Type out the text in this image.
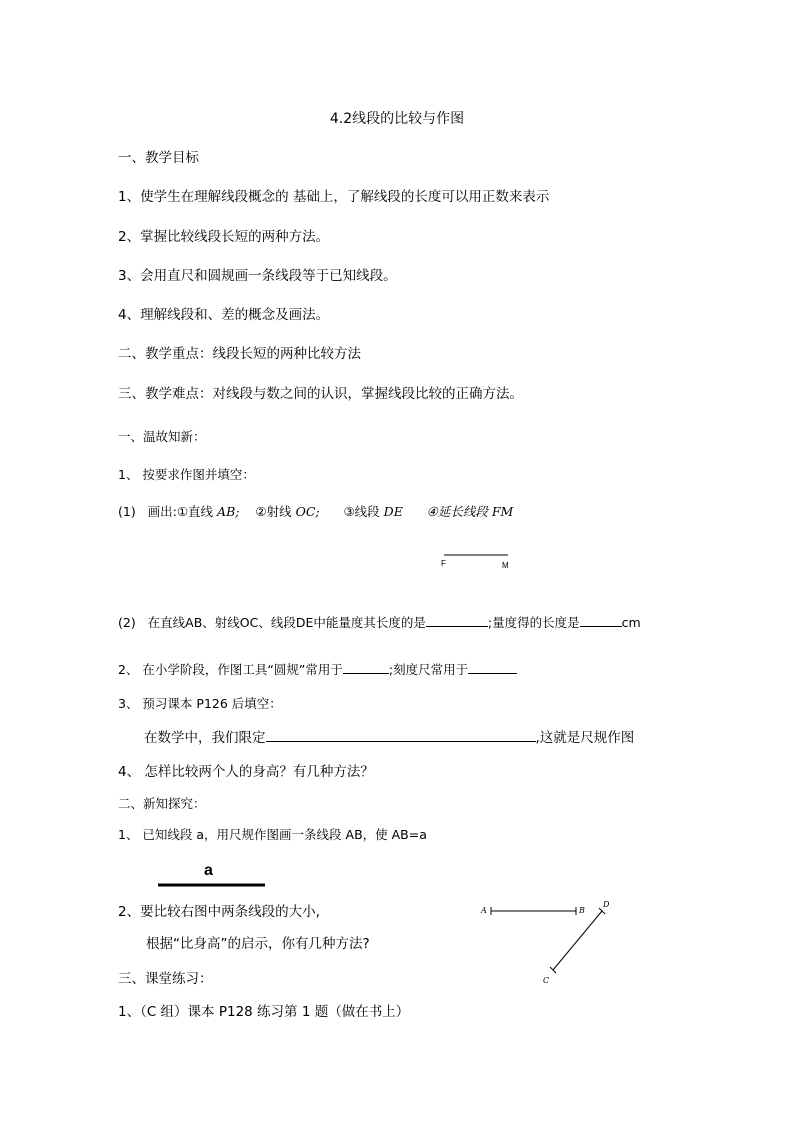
4.2线段的比较与作图
一、教学目标
1、使学生在理解线段概念的 基础上，了解线段的长度可以用正数来表示
2、掌握比较线段长短的两种方法。
3、会用直尺和圆规画一条线段等于已知线段。
4、理解线段和、差的概念及画法。
二、教学重点：线段长短的两种比较方法
三、教学难点：对线段与数之间的认识，掌握线段比较的正确方法。
一、温故知新：
1、 按要求作图并填空：
(1) 画出:①直线 AB; ②射线 OC; ③线段 DE ④延长线段 FM
F	M
(2) 在直线AB、射线OC、线段DE中能量度其长度的是	;量度得的长度是	cm
2、 在小学阶段，作图工具“圆规”常用于	;刻度尺常用于
3、 预习课本 P126 后填空：
在数学中，我们限定	,这就是尺规作图
4、 怎样比较两个人的身高？有几种方法？
二、新知探究：
1、 已知线段 a，用尺规作图画一条线段 AB，使 AB=a
a
2、要比较右图中两条线段的大小,
根据“比身高”的启示，你有几种方法?
三、课堂练习：
1、（C 组）课本 P128 练习第 1 题（做在书上）
A	B
D
C
